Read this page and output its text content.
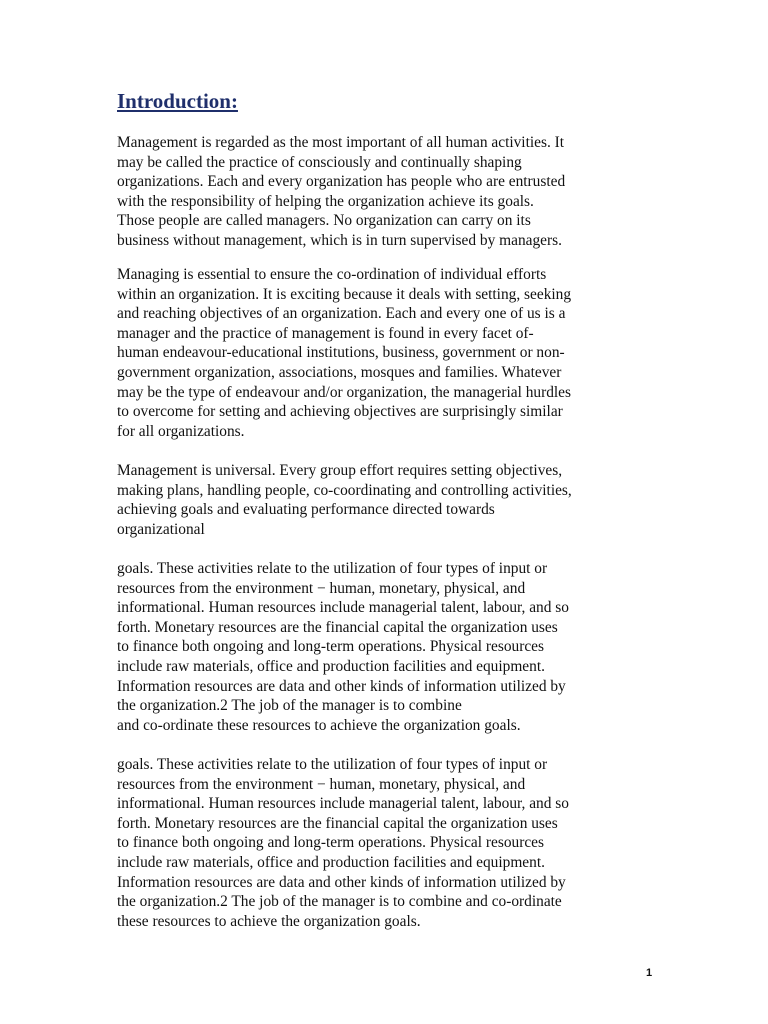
Introduction:

Management is regarded as the most important of all human activities. It
may be called the practice of consciously and continually shaping
organizations. Each and every organization has people who are entrusted
with the responsibility of helping the organization achieve its goals.
Those people are called managers. No organization can carry on its
business without management, which is in turn supervised by managers.

Managing is essential to ensure the co-ordination of individual efforts
within an organization. It is exciting because it deals with setting, seeking
and reaching objectives of an organization. Each and every one of us is a
manager and the practice of management is found in every facet of-
human endeavour-educational institutions, business, government or non-
government organization, associations, mosques and families. Whatever
may be the type of endeavour and/or organization, the managerial hurdles
to overcome for setting and achieving objectives are surprisingly similar
for all organizations.

Management is universal. Every group effort requires setting objectives,
making plans, handling people, co-coordinating and controlling activities,
achieving goals and evaluating performance directed towards
organizational

goals. These activities relate to the utilization of four types of input or
resources from the environment − human, monetary, physical, and
informational. Human resources include managerial talent, labour, and so
forth. Monetary resources are the financial capital the organization uses
to finance both ongoing and long-term operations. Physical resources
include raw materials, office and production facilities and equipment.
Information resources are data and other kinds of information utilized by
the organization.2 The job of the manager is to combine
and co-ordinate these resources to achieve the organization goals.

goals. These activities relate to the utilization of four types of input or
resources from the environment − human, monetary, physical, and
informational. Human resources include managerial talent, labour, and so
forth. Monetary resources are the financial capital the organization uses
to finance both ongoing and long-term operations. Physical resources
include raw materials, office and production facilities and equipment.
Information resources are data and other kinds of information utilized by
the organization.2 The job of the manager is to combine and co-ordinate
these resources to achieve the organization goals.

1
